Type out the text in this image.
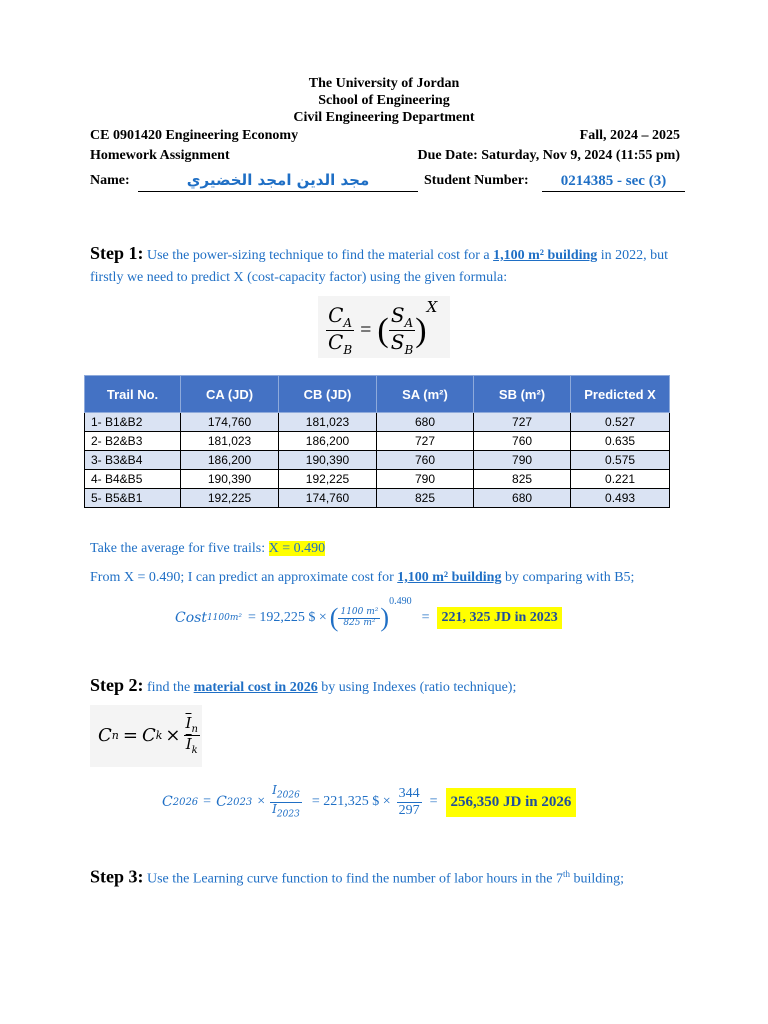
The University of Jordan
School of Engineering
Civil Engineering Department
CE 0901420 Engineering Economy	Fall, 2024 – 2025
Homework Assignment	Due Date: Saturday, Nov 9, 2024 (11:55 pm)
Name:	مجد الدين امجد الخضيري	Student Number:	0214385 - sec (3)
Step 1: Use the power-sizing technique to find the material cost for a 1,100 m² building in 2022, but firstly we need to predict X (cost-capacity factor) using the given formula:
$\frac{C_A}{C_B}$ = ( $\frac{S_A}{S_B}$ )
X
Trail No.	CA (JD)	CB (JD)	SA (m²)	SB (m²)	Predicted X
1- B1&B2	174,760	181,023	680	727	0.527
2- B2&B3	181,023	186,200	727	760	0.635
3- B3&B4	186,200	190,390	760	790	0.575
4- B4&B5	190,390	192,225	790	825	0.221
5- B5&B1	192,225	174,760	825	680	0.493
Take the average for five trails: X = 0.490
From X = 0.490; I can predict an approximate cost for 1,100 m² building by comparing with B5;
Cost 1100m² = 192,225 $ × ( $\frac{\text{1100 m²}}{\text{825 m²}}$ )
0.490
= 221, 325 JD in 2023
Step 2: find the material cost in 2026 by using Indexes (ratio technique);
C n = C $k \times \frac{\overline{I}_n}{\overline{I}_k}$
C 2026 = C $2023 \times \frac{I_{2026}}{I_{2023}} = 221,325$ $ × $\frac{344}{297} = 256,350$ JD in 2026
Step 3: Use the Learning curve function to find the number of labor hours in the 7th building;
